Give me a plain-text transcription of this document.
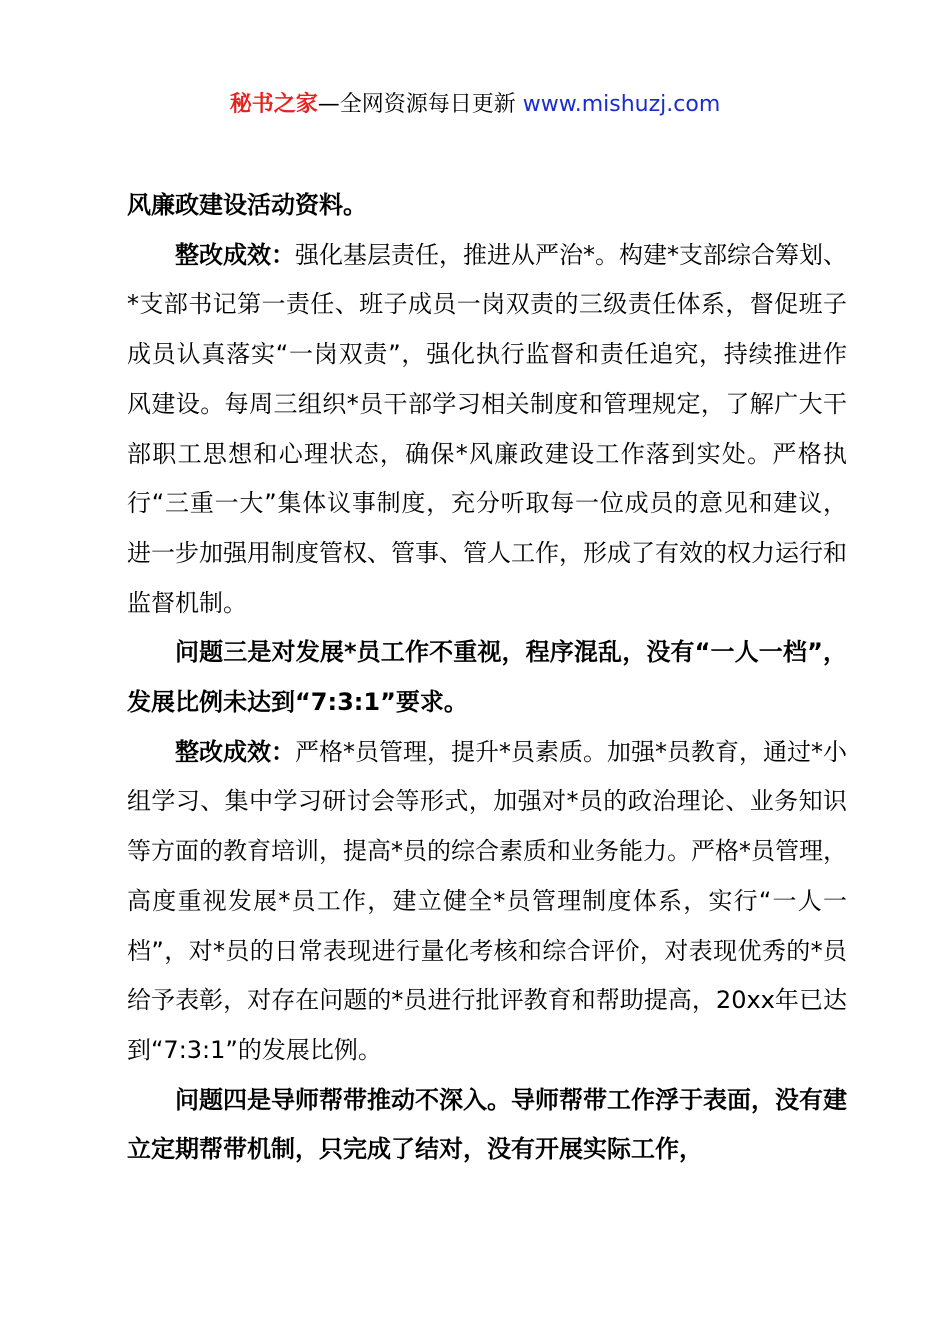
秘书之家—全网资源每日更新 www.mishuzj.com

风廉政建设活动资料。

整改成效：强化基层责任，推进从严治*。构建*支部综合筹划、*支部书记第一责任、班子成员一岗双责的三级责任体系，督促班子成员认真落实“一岗双责”，强化执行监督和责任追究，持续推进作风建设。每周三组织*员干部学习相关制度和管理规定，了解广大干部职工思想和心理状态，确保*风廉政建设工作落到实处。严格执行“三重一大”集体议事制度，充分听取每一位成员的意见和建议，进一步加强用制度管权、管事、管人工作，形成了有效的权力运行和监督机制。

问题三是对发展*员工作不重视，程序混乱，没有“一人一档”，发展比例未达到“7:3:1”要求。

整改成效：严格*员管理，提升*员素质。加强*员教育，通过*小组学习、集中学习研讨会等形式，加强对*员的政治理论、业务知识等方面的教育培训，提高*员的综合素质和业务能力。严格*员管理，高度重视发展*员工作，建立健全*员管理制度体系，实行“一人一档”，对*员的日常表现进行量化考核和综合评价，对表现优秀的*员给予表彰，对存在问题的*员进行批评教育和帮助提高，20xx年已达到“7:3:1”的发展比例。

问题四是导师帮带推动不深入。导师帮带工作浮于表面，没有建立定期帮带机制，只完成了结对，没有开展实际工作，
